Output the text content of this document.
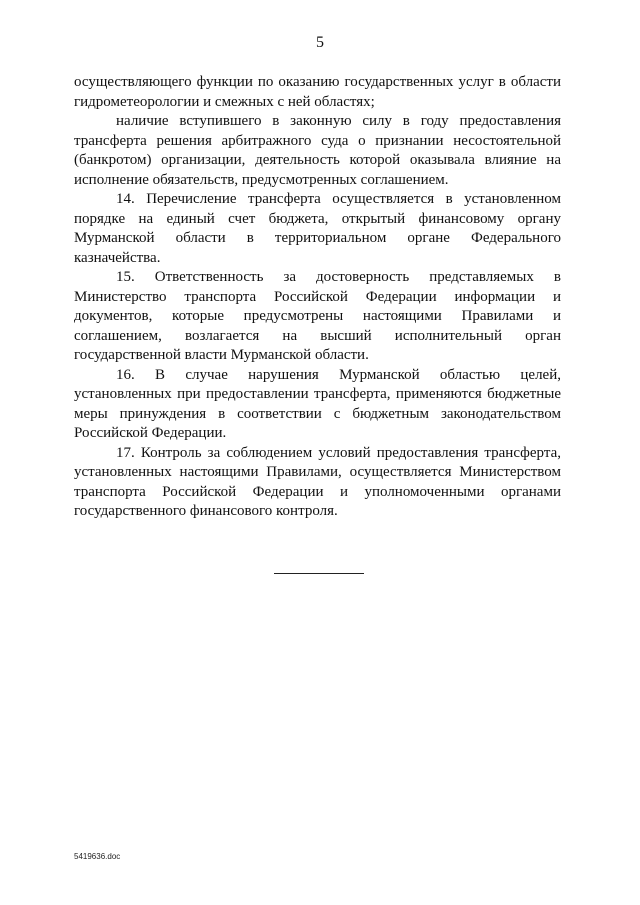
5

осуществляющего функции по оказанию государственных услуг в области гидрометеорологии и смежных с ней областях;

наличие вступившего в законную силу в году предоставления трансферта решения арбитражного суда о признании несостоятельной (банкротом) организации, деятельность которой оказывала влияние на исполнение обязательств, предусмотренных соглашением.

14. Перечисление трансферта осуществляется в установленном порядке на единый счет бюджета, открытый финансовому органу Мурманской области в территориальном органе Федерального казначейства.

15. Ответственность за достоверность представляемых в Министерство транспорта Российской Федерации информации и документов, которые предусмотрены настоящими Правилами и соглашением, возлагается на высший исполнительный орган государственной власти Мурманской области.

16. В случае нарушения Мурманской областью целей, установленных при предоставлении трансферта, применяются бюджетные меры принуждения в соответствии с бюджетным законодательством Российской Федерации.

17. Контроль за соблюдением условий предоставления трансферта, установленных настоящими Правилами, осуществляется Министерством транспорта Российской Федерации и уполномоченными органами государственного финансового контроля.

5419636.doc
